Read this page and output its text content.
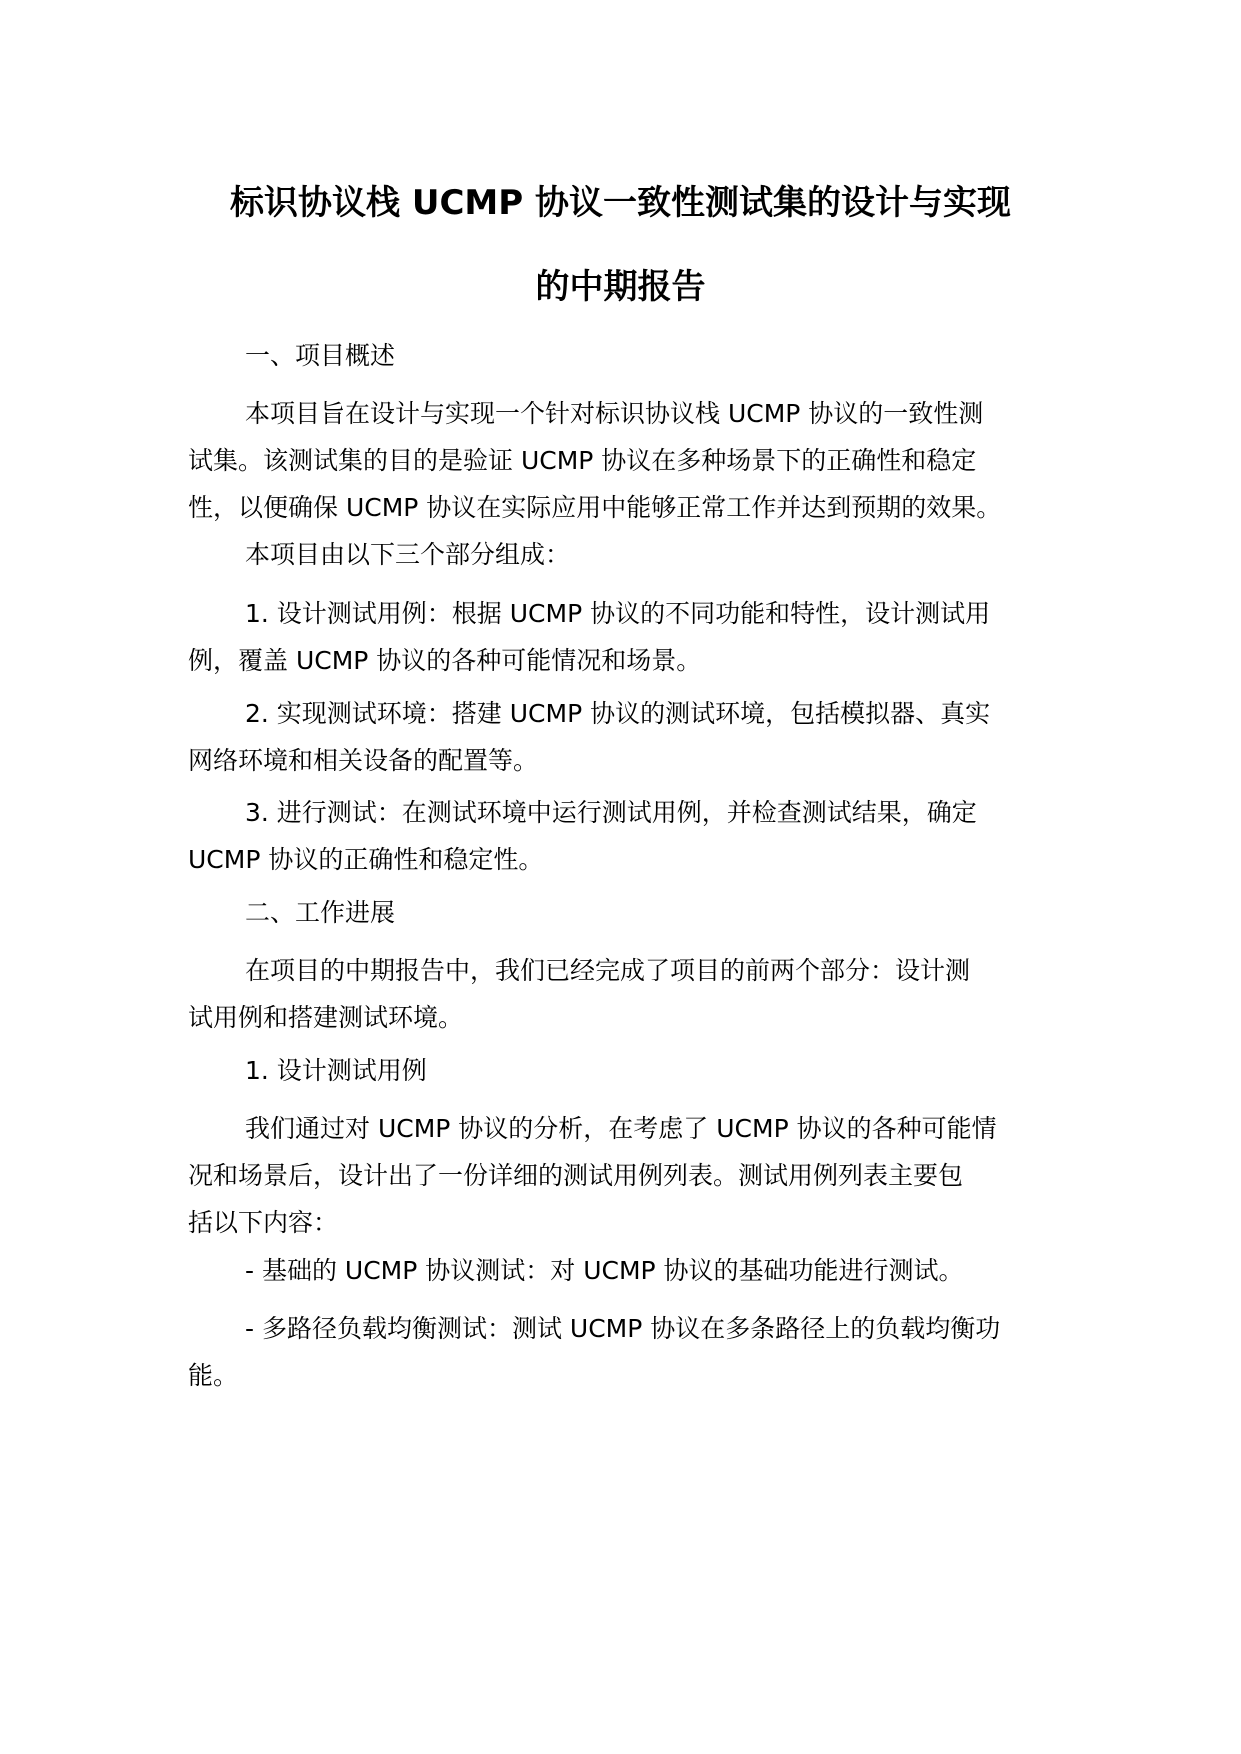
标识协议栈 UCMP 协议一致性测试集的设计与实现
的中期报告
一、项目概述
本项目旨在设计与实现一个针对标识协议栈 UCMP 协议的一致性测
试集。该测试集的目的是验证 UCMP 协议在多种场景下的正确性和稳定
性，以便确保 UCMP 协议在实际应用中能够正常工作并达到预期的效果。
本项目由以下三个部分组成：
1. 设计测试用例：根据 UCMP 协议的不同功能和特性，设计测试用
例，覆盖 UCMP 协议的各种可能情况和场景。
2. 实现测试环境：搭建 UCMP 协议的测试环境，包括模拟器、真实
网络环境和相关设备的配置等。
3. 进行测试：在测试环境中运行测试用例，并检查测试结果，确定
UCMP 协议的正确性和稳定性。
二、工作进展
在项目的中期报告中，我们已经完成了项目的前两个部分：设计测
试用例和搭建测试环境。
1. 设计测试用例
我们通过对 UCMP 协议的分析，在考虑了 UCMP 协议的各种可能情
况和场景后，设计出了一份详细的测试用例列表。测试用例列表主要包
括以下内容：
- 基础的 UCMP 协议测试：对 UCMP 协议的基础功能进行测试。
- 多路径负载均衡测试：测试 UCMP 协议在多条路径上的负载均衡功
能。
